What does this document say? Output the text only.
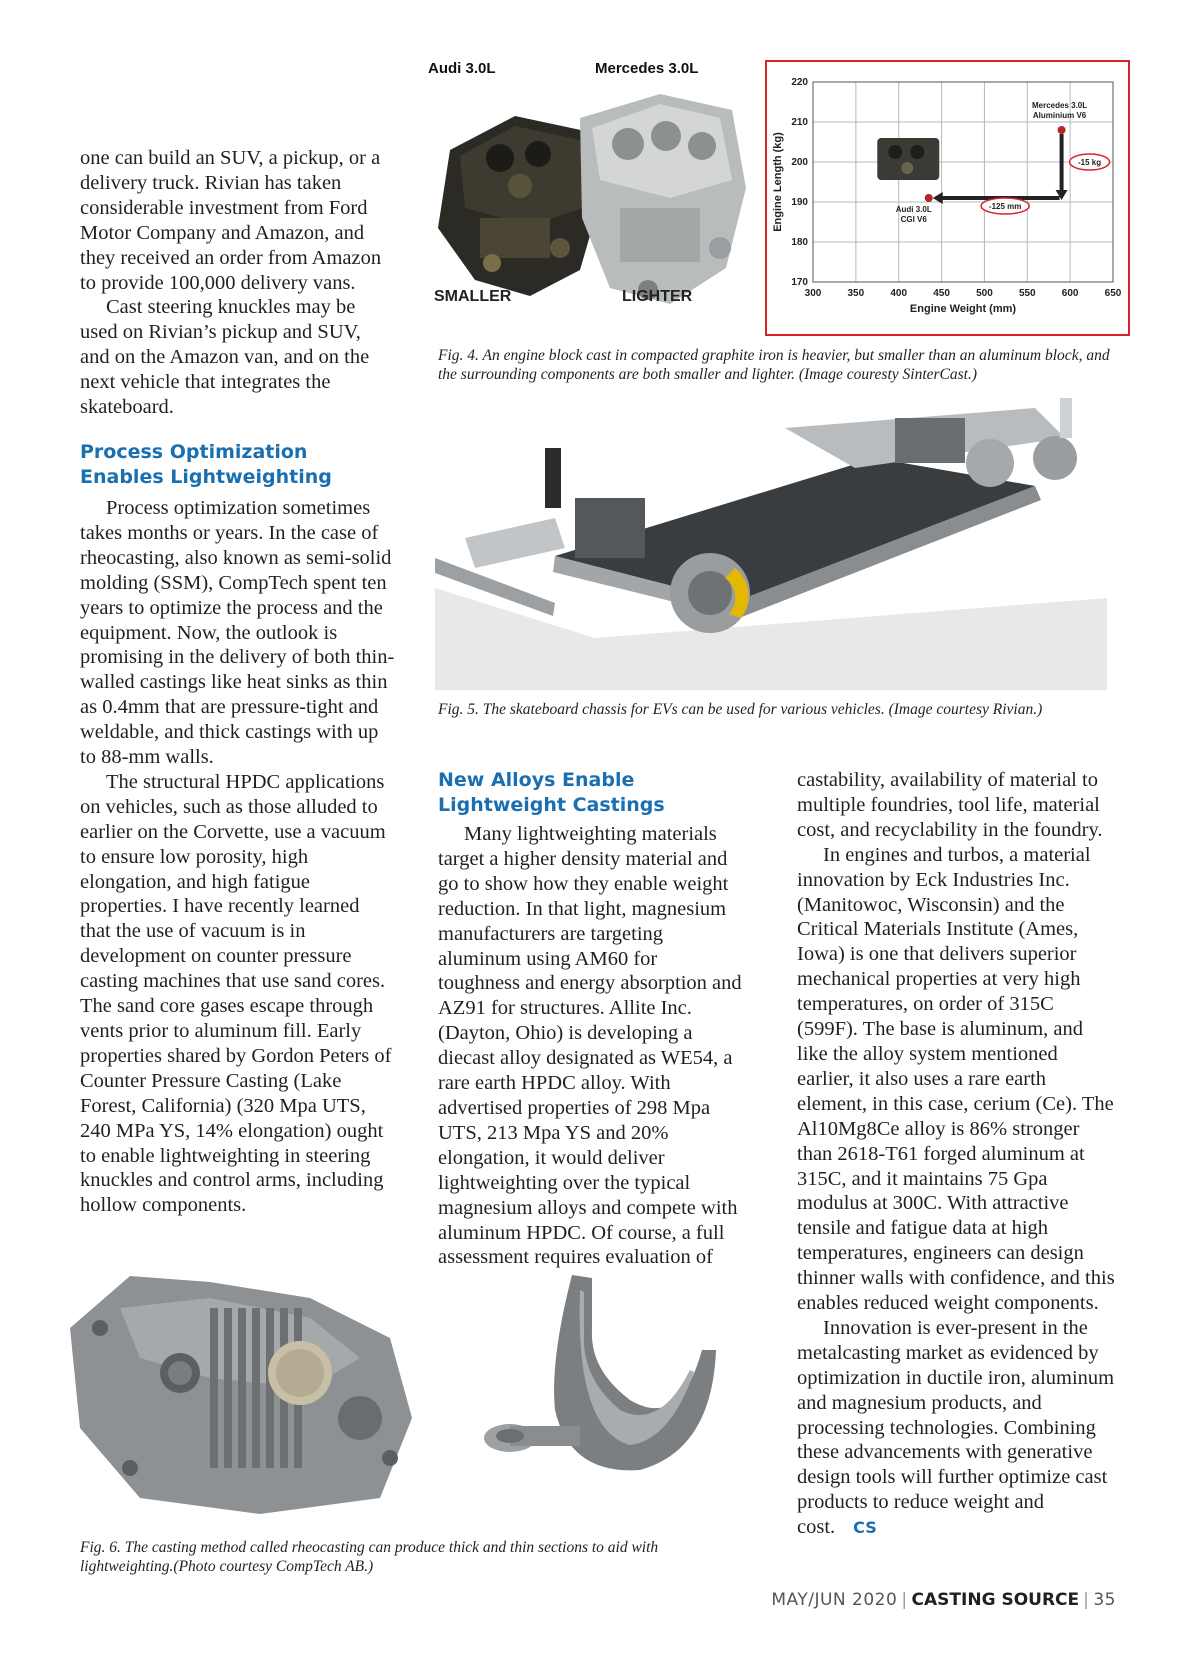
one can build an SUV, a pickup, or a delivery truck. Rivian has taken considerable investment from Ford Motor Company and Amazon, and they received an order from Amazon to provide 100,000 delivery vans.

Cast steering knuckles may be used on Rivian’s pickup and SUV, and on the Amazon van, and on the next vehicle that integrates the skateboard.

Process Optimization Enables Lightweighting

Process optimization sometimes takes months or years. In the case of rheocasting, also known as semi-solid molding (SSM), CompTech spent ten years to optimize the process and the equipment. Now, the outlook is promising in the delivery of both thin-walled castings like heat sinks as thin as 0.4mm that are pressure-tight and weldable, and thick castings with up to 88-mm walls.

The structural HPDC applications on vehicles, such as those alluded to earlier on the Corvette, use a vacuum to ensure low porosity, high elongation, and high fatigue properties. I have recently learned that the use of vacuum is in development on counter pressure casting machines that use sand cores. The sand core gases escape through vents prior to aluminum fill. Early properties shared by Gordon Peters of Counter Pressure Casting (Lake Forest, California) (320 Mpa UTS, 240 MPa YS, 14% elongation) ought to enable lightweighting in steering knuckles and control arms, including hollow components.

Audi 3.0L	Mercedes 3.0L
SMALLER	LIGHTER	300	350	400	450	500	550	600	650
170
180
190
200
210
220
Engine Weight (mm)
Engine Length (kg)
Mercedes 3.0L
Aluminium V6
Audi 3.0L
CGI V6
-15 kg
-125 mm
Fig. 4. An engine block cast in compacted graphite iron is heavier, but smaller than an aluminum block, and the surrounding components are both smaller and lighter. (Image couresty SinterCast.)
Fig. 5. The skateboard chassis for EVs can be used for various vehicles. (Image courtesy Rivian.)
New Alloys Enable Lightweight Castings

Many lightweighting materials target a higher density material and go to show how they enable weight reduction. In that light, magnesium manufacturers are targeting aluminum using AM60 for toughness and energy absorption and AZ91 for structures. Allite Inc. (Dayton, Ohio) is developing a diecast alloy designated as WE54, a rare earth HPDC alloy. With advertised properties of 298 Mpa UTS, 213 Mpa YS and 20% elongation, it would deliver lightweighting over the typical magnesium alloys and compete with aluminum HPDC. Of course, a full assessment requires evaluation of

castability, availability of material to multiple foundries, tool life, material cost, and recyclability in the foundry.

In engines and turbos, a material innovation by Eck Industries Inc. (Manitowoc, Wisconsin) and the Critical Materials Institute (Ames, Iowa) is one that delivers superior mechanical properties at very high temperatures, on order of 315C (599F). The base is aluminum, and like the alloy system mentioned earlier, it also uses a rare earth element, in this case, cerium (Ce). The Al10Mg8Ce alloy is 86% stronger than 2618-T61 forged aluminum at 315C, and it maintains 75 Gpa modulus at 300C. With attractive tensile and fatigue data at high temperatures, engineers can design thinner walls with confidence, and this enables reduced weight components.

Innovation is ever-present in the metalcasting market as evidenced by optimization in ductile iron, aluminum and magnesium products, and processing technologies. Combining these advancements with generative design tools will further optimize cast products to reduce weight and cost. CS

Fig. 6. The casting method called rheocasting can produce thick and thin sections to aid with lightweighting.(Photo courtesy CompTech AB.)
MAY/JUN 2020 | CASTING SOURCE | 35
